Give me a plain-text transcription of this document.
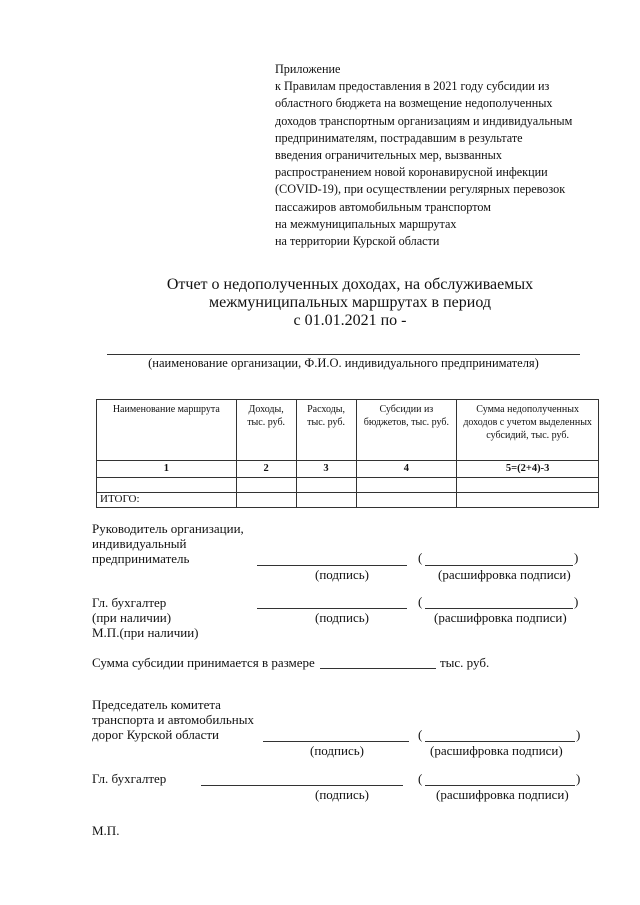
Приложение
к Правилам предоставления в 2021 году субсидии из
областного бюджета на возмещение недополученных
доходов транспортным организациям и индивидуальным
предпринимателям, пострадавшим в результате
введения ограничительных мер, вызванных
распространением новой коронавирусной инфекции
(COVID-19), при осуществлении регулярных перевозок
пассажиров автомобильным транспортом
на межмуниципальных маршрутах
на территории Курской области
Отчет о недополученных доходах, на обслуживаемых
межмуниципальных маршрутах в период
с 01.01.2021 по -
(наименование организации, Ф.И.О. индивидуального предпринимателя)
Наименование маршрута	Доходы, тыс. руб.	Расходы, тыс. руб.	Субсидии из бюджетов, тыс. руб.	Сумма недополученных доходов с учетом выделенных субсидий, тыс. руб.
1	2	3	4	5=(2+4)-3

ИТОГО:				
Руководитель организации,
индивидуальный
предприниматель	(	)
(подпись)	(расшифровка подписи)
Гл. бухгалтер
(при наличии)
М.П.(при наличии)
(	)
(подпись)	(расшифровка подписи)
Сумма субсидии принимается в размере	тыс. руб.
Председатель комитета
транспорта и автомобильных
дорог Курской области	(	)
(подпись)	(расшифровка подписи)
Гл. бухгалтер	(	)
(подпись)	(расшифровка подписи)
М.П.
